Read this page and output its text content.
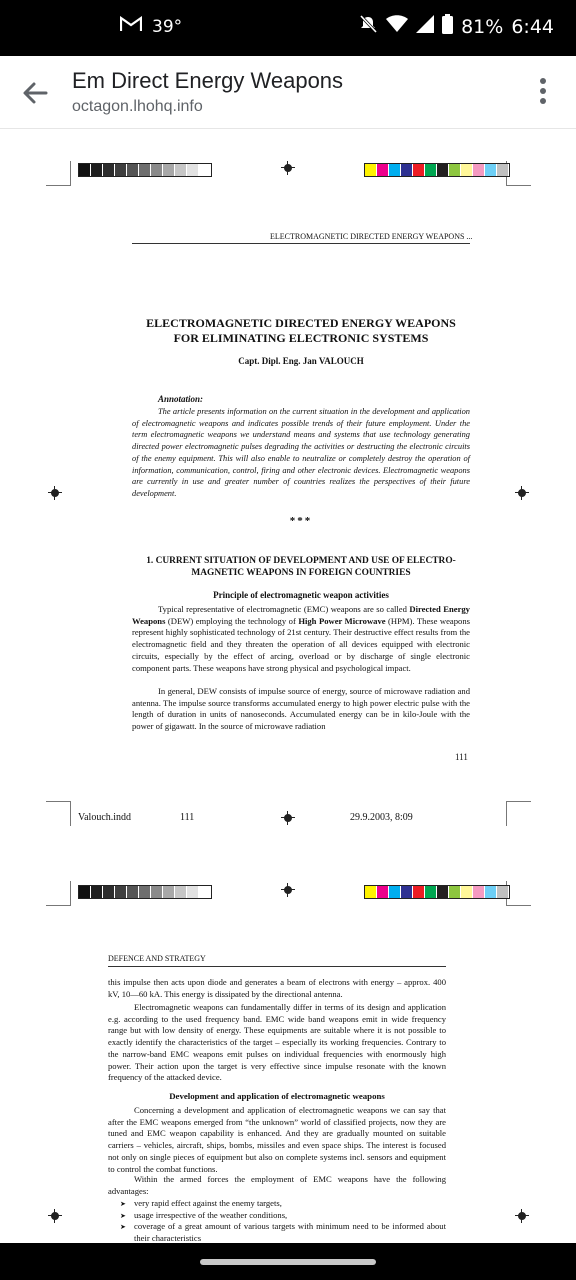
39°	81% 6:44
Em Direct Energy Weapons
octagon.lhohq.info
ELECTROMAGNETIC DIRECTED ENERGY WEAPONS ...
ELECTROMAGNETIC DIRECTED ENERGY WEAPONS
FOR ELIMINATING ELECTRONIC SYSTEMS
Capt. Dipl. Eng. Jan VALOUCH
Annotation:
The article presents information on the current situation in the development and application of electromagnetic weapons and indicates possible trends of their future employment. Under the term electromagnetic weapons we understand means and systems that use technology generating directed power electromagnetic pulses degrading the activities or destructing the electronic circuits of the enemy equipment. This will also enable to neutralize or completely destroy the operation of information, communication, control, firing and other electronic devices. Electromagnetic weapons are currently in use and greater number of countries realizes the perspectives of their future development.
***
1. CURRENT SITUATION OF DEVELOPMENT AND USE OF ELECTRO-
MAGNETIC WEAPONS IN FOREIGN COUNTRIES
Principle of electromagnetic weapon activities
Typical representative of electromagnetic (EMC) weapons are so called Directed Energy Weapons (DEW) employing the technology of High Power Microwave (HPM). These weapons represent highly sophisticated technology of 21st century. Their destructive effect results from the electromagnetic field and they threaten the operation of all devices equipped with electronic circuits, especially by the effect of arcing, overload or by discharge of single electronic component parts. These weapons have strong physical and psychological impact.
In general, DEW consists of impulse source of energy, source of microwave radiation and antenna. The impulse source transforms accumulated energy to high power electric pulse with the length of duration in units of nanoseconds. Accumulated energy can be in kilo-Joule with the power of gigawatt. In the source of microwave radiation
111
Valouch.indd	111	29.9.2003, 8:09
DEFENCE AND STRATEGY
this impulse then acts upon diode and generates a beam of electrons with energy – approx. 400 kV, 10—60 kA. This energy is dissipated by the directional antenna.
Electromagnetic weapons can fundamentally differ in terms of its design and application e.g. according to the used frequency band. EMC wide band weapons emit in wide frequency range but with low density of energy. These equipments are suitable where it is not possible to exactly identify the characteristics of the target – especially its working frequencies. Contrary to the narrow-band EMC weapons emit pulses on individual frequencies with enormously high power. Their action upon the target is very effective since impulse resonate with the known frequency of the attacked device.
Development and application of electromagnetic weapons
Concerning a development and application of electromagnetic weapons we can say that after the EMC weapons emerged from “the unknown” world of classified projects, now they are tuned and EMC weapon capability is enhanced. And they are gradually mounted on suitable carriers – vehicles, aircraft, ships, bombs, missiles and even space ships. The interest is focused not only on single pieces of equipment but also on complete systems incl. sensors and equipment to control the combat functions.
Within the armed forces the employment of EMC weapons have the following advantages:
➤ very rapid effect against the enemy targets,
➤ usage irrespective of the weather conditions,
➤ coverage of a great amount of various targets with minimum need to be informed about their characteristics
